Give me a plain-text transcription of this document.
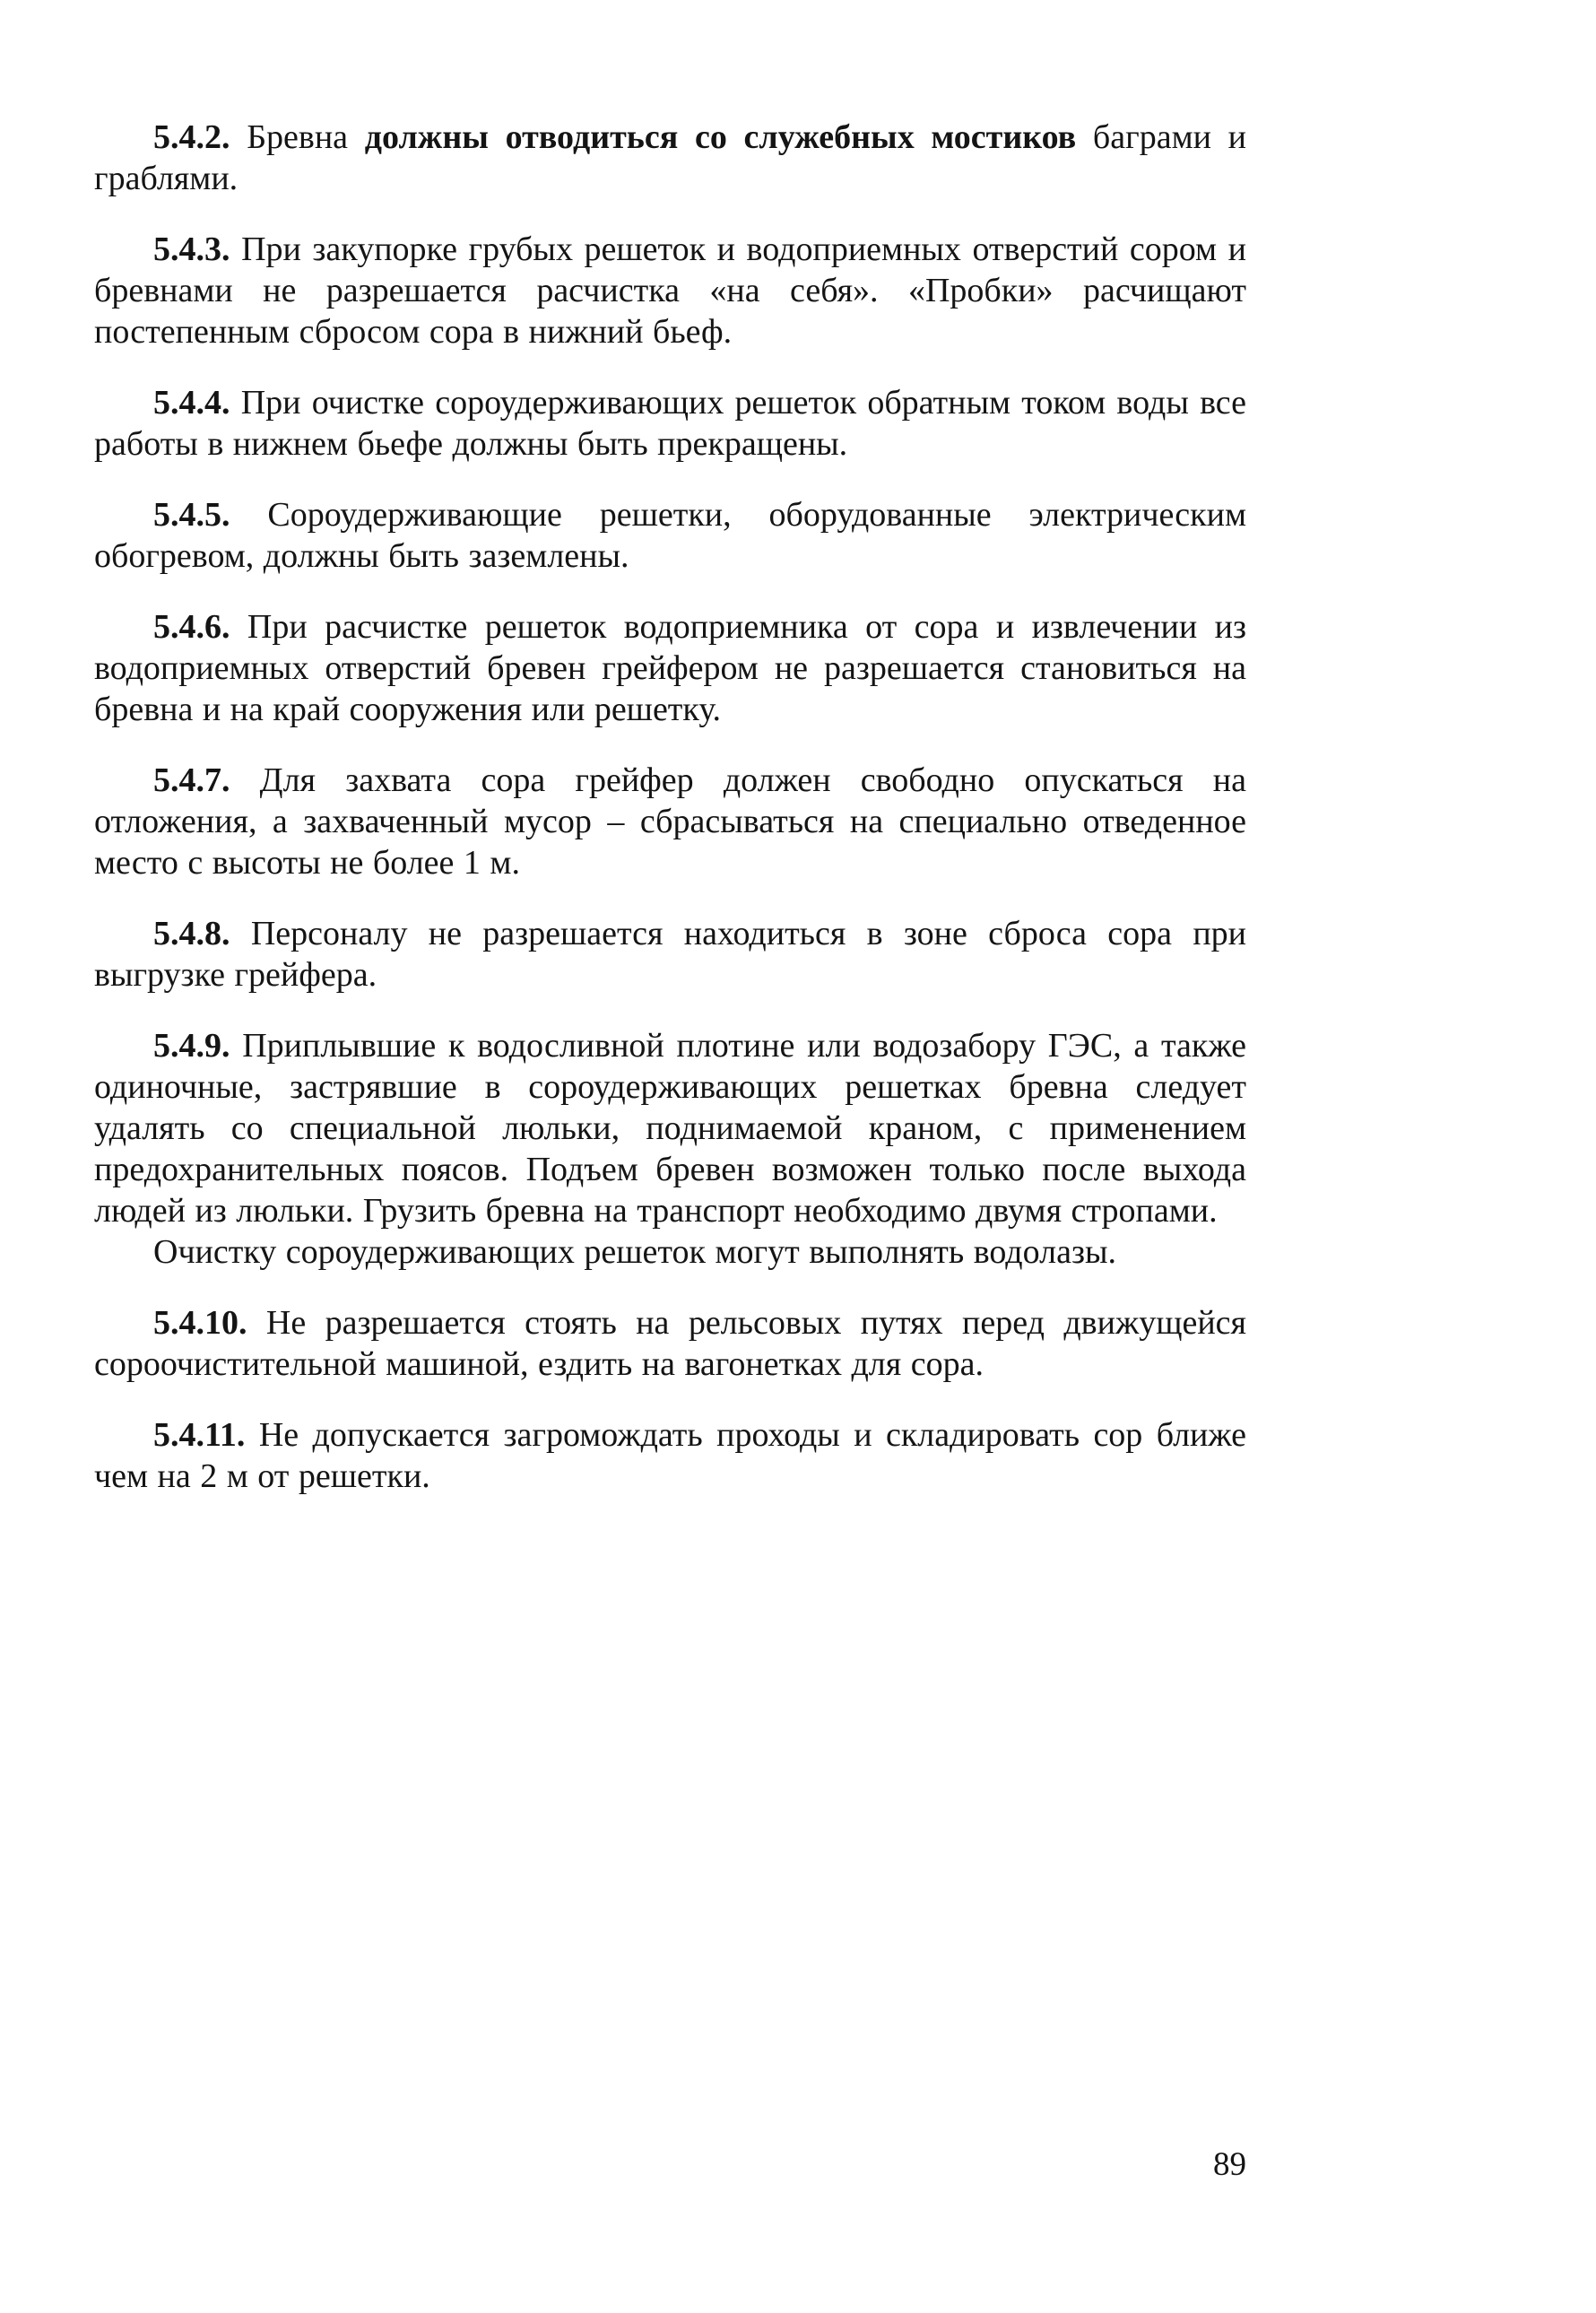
5.4.2. Бревна должны отводиться со служебных мостиков баграми и граблями.

5.4.3. При закупорке грубых решеток и водоприемных отверстий сором и бревнами не разрешается расчистка «на себя». «Пробки» расчищают постепенным сбросом сора в нижний бьеф.

5.4.4. При очистке сороудерживающих решеток обратным током воды все работы в нижнем бьефе должны быть прекращены.

5.4.5. Сороудерживающие решетки, оборудованные электрическим обогревом, должны быть заземлены.

5.4.6. При расчистке решеток водоприемника от сора и извлечении из водоприемных отверстий бревен грейфером не разрешается становиться на бревна и на край сооружения или решетку.

5.4.7. Для захвата сора грейфер должен свободно опускаться на отложения, а захваченный мусор – сбрасываться на специально отведенное место с высоты не более 1 м.

5.4.8. Персоналу не разрешается находиться в зоне сброса сора при выгрузке грейфера.

5.4.9. Приплывшие к водосливной плотине или водозабору ГЭС, а также одиночные, застрявшие в сороудерживающих решетках бревна следует удалять со специальной люльки, поднимаемой краном, с применением предохранительных поясов. Подъем бревен возможен только после выхода людей из люльки. Грузить бревна на транспорт необходимо двумя стропами.

Очистку сороудерживающих решеток могут выполнять водолазы.

5.4.10. Не разрешается стоять на рельсовых путях перед движущейся сороочистительной машиной, ездить на вагонетках для сора.

5.4.11. Не допускается загромождать проходы и складировать сор ближе чем на 2 м от решетки.

89
